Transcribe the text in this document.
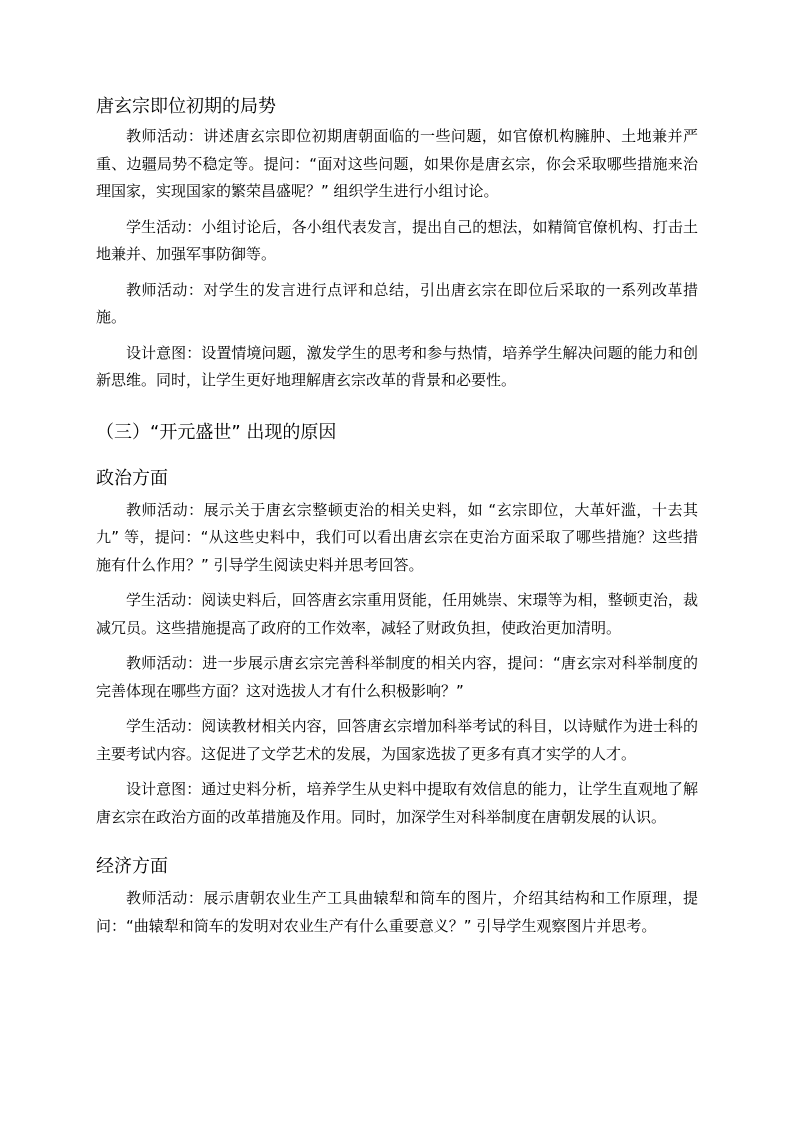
唐玄宗即位初期的局势

教师活动：讲述唐玄宗即位初期唐朝面临的一些问题，如官僚机构臃肿、土地兼并严重、边疆局势不稳定等。提问：“面对这些问题，如果你是唐玄宗，你会采取哪些措施来治理国家，实现国家的繁荣昌盛呢？” 组织学生进行小组讨论。

学生活动：小组讨论后，各小组代表发言，提出自己的想法，如精简官僚机构、打击土地兼并、加强军事防御等。

教师活动：对学生的发言进行点评和总结，引出唐玄宗在即位后采取的一系列改革措施。

设计意图：设置情境问题，激发学生的思考和参与热情，培养学生解决问题的能力和创新思维。同时，让学生更好地理解唐玄宗改革的背景和必要性。

（三）“开元盛世” 出现的原因
政治方面

教师活动：展示关于唐玄宗整顿吏治的相关史料，如 “玄宗即位，大革奸滥，十去其九” 等，提问：“从这些史料中，我们可以看出唐玄宗在吏治方面采取了哪些措施？这些措施有什么作用？” 引导学生阅读史料并思考回答。

学生活动：阅读史料后，回答唐玄宗重用贤能，任用姚崇、宋璟等为相，整顿吏治，裁减冗员。这些措施提高了政府的工作效率，减轻了财政负担，使政治更加清明。

教师活动：进一步展示唐玄宗完善科举制度的相关内容，提问：“唐玄宗对科举制度的完善体现在哪些方面？这对选拔人才有什么积极影响？”

学生活动：阅读教材相关内容，回答唐玄宗增加科举考试的科目，以诗赋作为进士科的主要考试内容。这促进了文学艺术的发展，为国家选拔了更多有真才实学的人才。

设计意图：通过史料分析，培养学生从史料中提取有效信息的能力，让学生直观地了解唐玄宗在政治方面的改革措施及作用。同时，加深学生对科举制度在唐朝发展的认识。

经济方面

教师活动：展示唐朝农业生产工具曲辕犁和筒车的图片，介绍其结构和工作原理，提问：“曲辕犁和筒车的发明对农业生产有什么重要意义？” 引导学生观察图片并思考。
